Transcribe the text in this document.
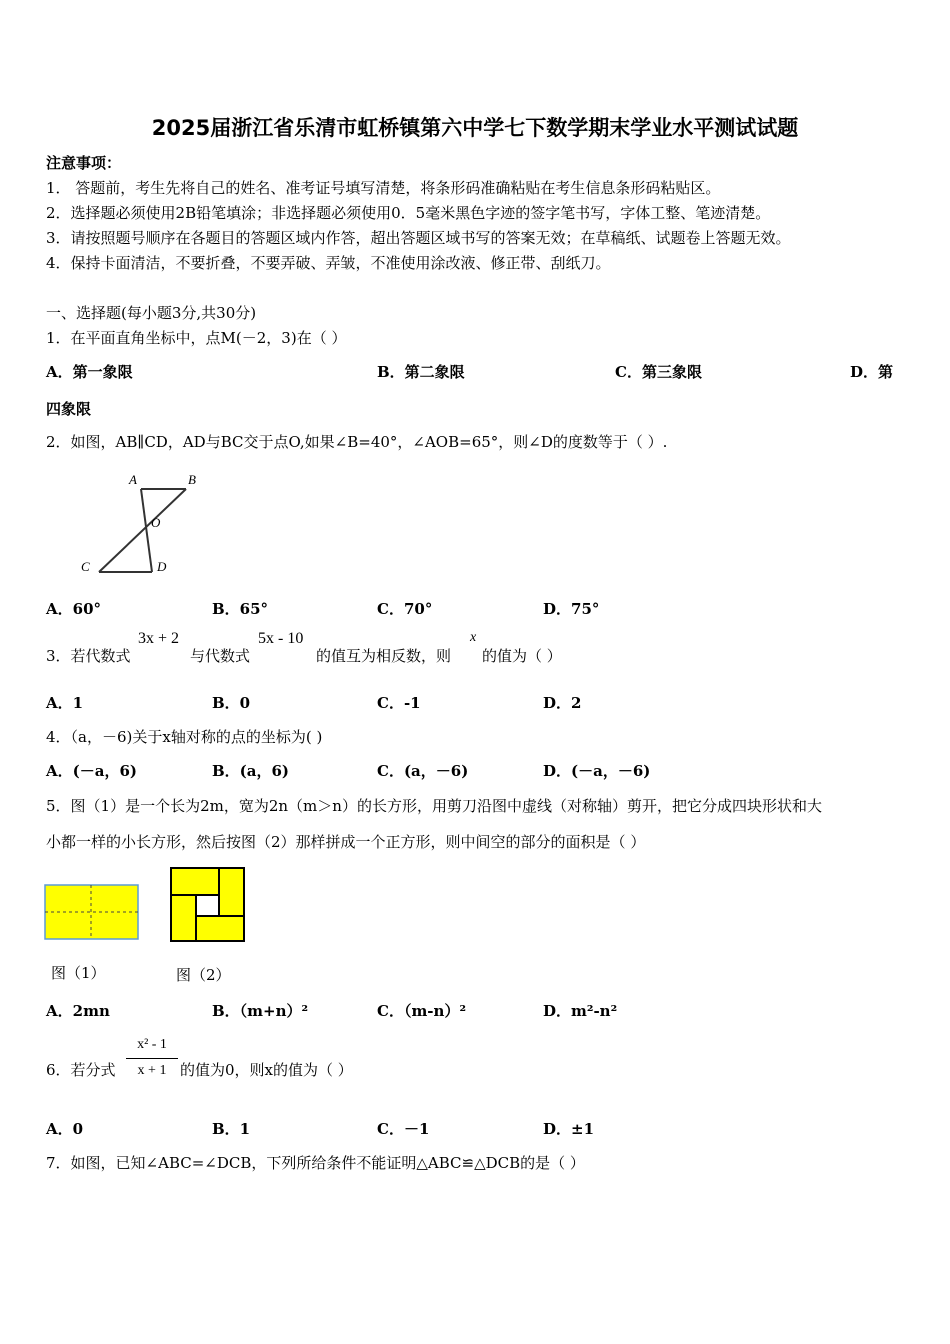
2025届浙江省乐清市虹桥镇第六中学七下数学期末学业水平测试试题
注意事项：
1． 答题前，考生先将自己的姓名、准考证号填写清楚，将条形码准确粘贴在考生信息条形码粘贴区。
2．选择题必须使用2B铅笔填涂；非选择题必须使用0．5毫米黑色字迹的签字笔书写，字体工整、笔迹清楚。
3．请按照题号顺序在各题目的答题区域内作答，超出答题区域书写的答案无效；在草稿纸、试题卷上答题无效。
4．保持卡面清洁，不要折叠，不要弄破、弄皱，不准使用涂改液、修正带、刮纸刀。
一、选择题(每小题3分,共30分)
1．在平面直角坐标中，点M(－2，3)在（ ）
A．第一象限	B．第二象限	C．第三象限	D．第
四象限
2．如图，AB∥CD，AD与BC交于点O,如果∠B=40°，∠AOB=65°，则∠D的度数等于（ ）.
A	B
O
C	D
A．60°	B．65°	C．70°	D．75°
3．若代数式
3x + 2
与代数式
5x - 10
的值互为相反数，则
x
的值为（ ）
A．1	B．0	C．-1	D．2
4．（a，－6)关于x轴对称的点的坐标为( )
A．(－a，6)	B．(a，6)	C．(a，－6)	D．(－a，－6)
5．图（1）是一个长为2m，宽为2n（m＞n）的长方形，用剪刀沿图中虚线（对称轴）剪开，把它分成四块形状和大
小都一样的小长方形，然后按图（2）那样拼成一个正方形，则中间空的部分的面积是（ ）
图（1）	图（2）
A．2mn	B．（m+n）²	C．（m-n）²	D．m²-n²
6．若分式
x² - 1
x + 1 的值为0，则x的值为（ ）
A．0	B．1	C．－1	D．±1
7．如图，已知∠ABC=∠DCB，下列所给条件不能证明△ABC≌△DCB的是（ ）
